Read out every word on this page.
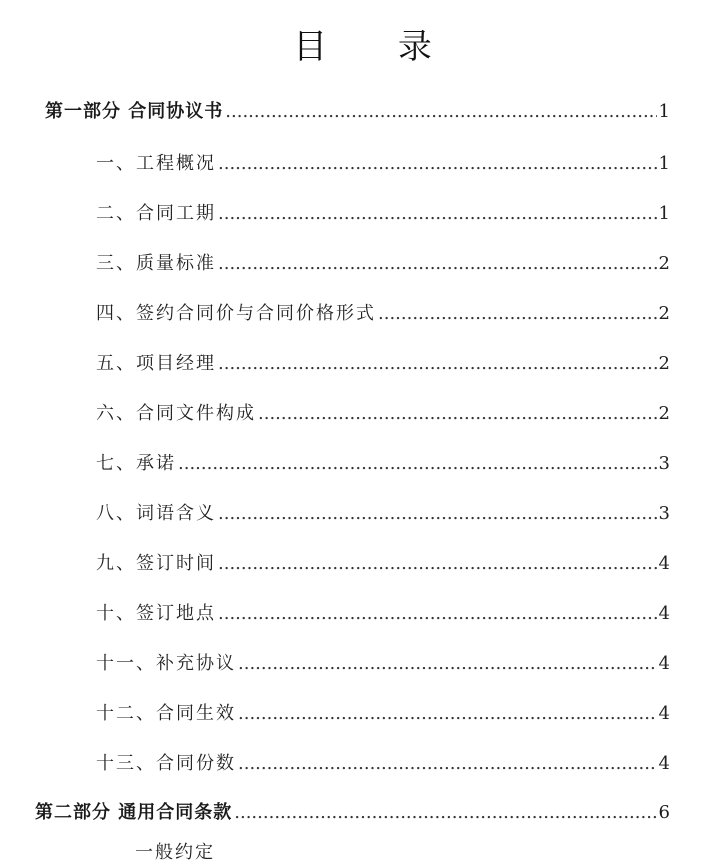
目 录
第一部分 合同协议书 .....	1
一、工程概况 .....	1
二、合同工期 .....	1
三、质量标准 .....	2
四、签约合同价与合同价格形式 .....	2
五、项目经理 .....	2
六、合同文件构成 .....	2
七、承诺 .....	3
八、词语含义 .....	3
九、签订时间 .....	4
十、签订地点 .....	4
十一、补充协议 .....	4
十二、合同生效 .....	4
十三、合同份数 .....	4
第二部分 通用合同条款 .....	6
一般约定
